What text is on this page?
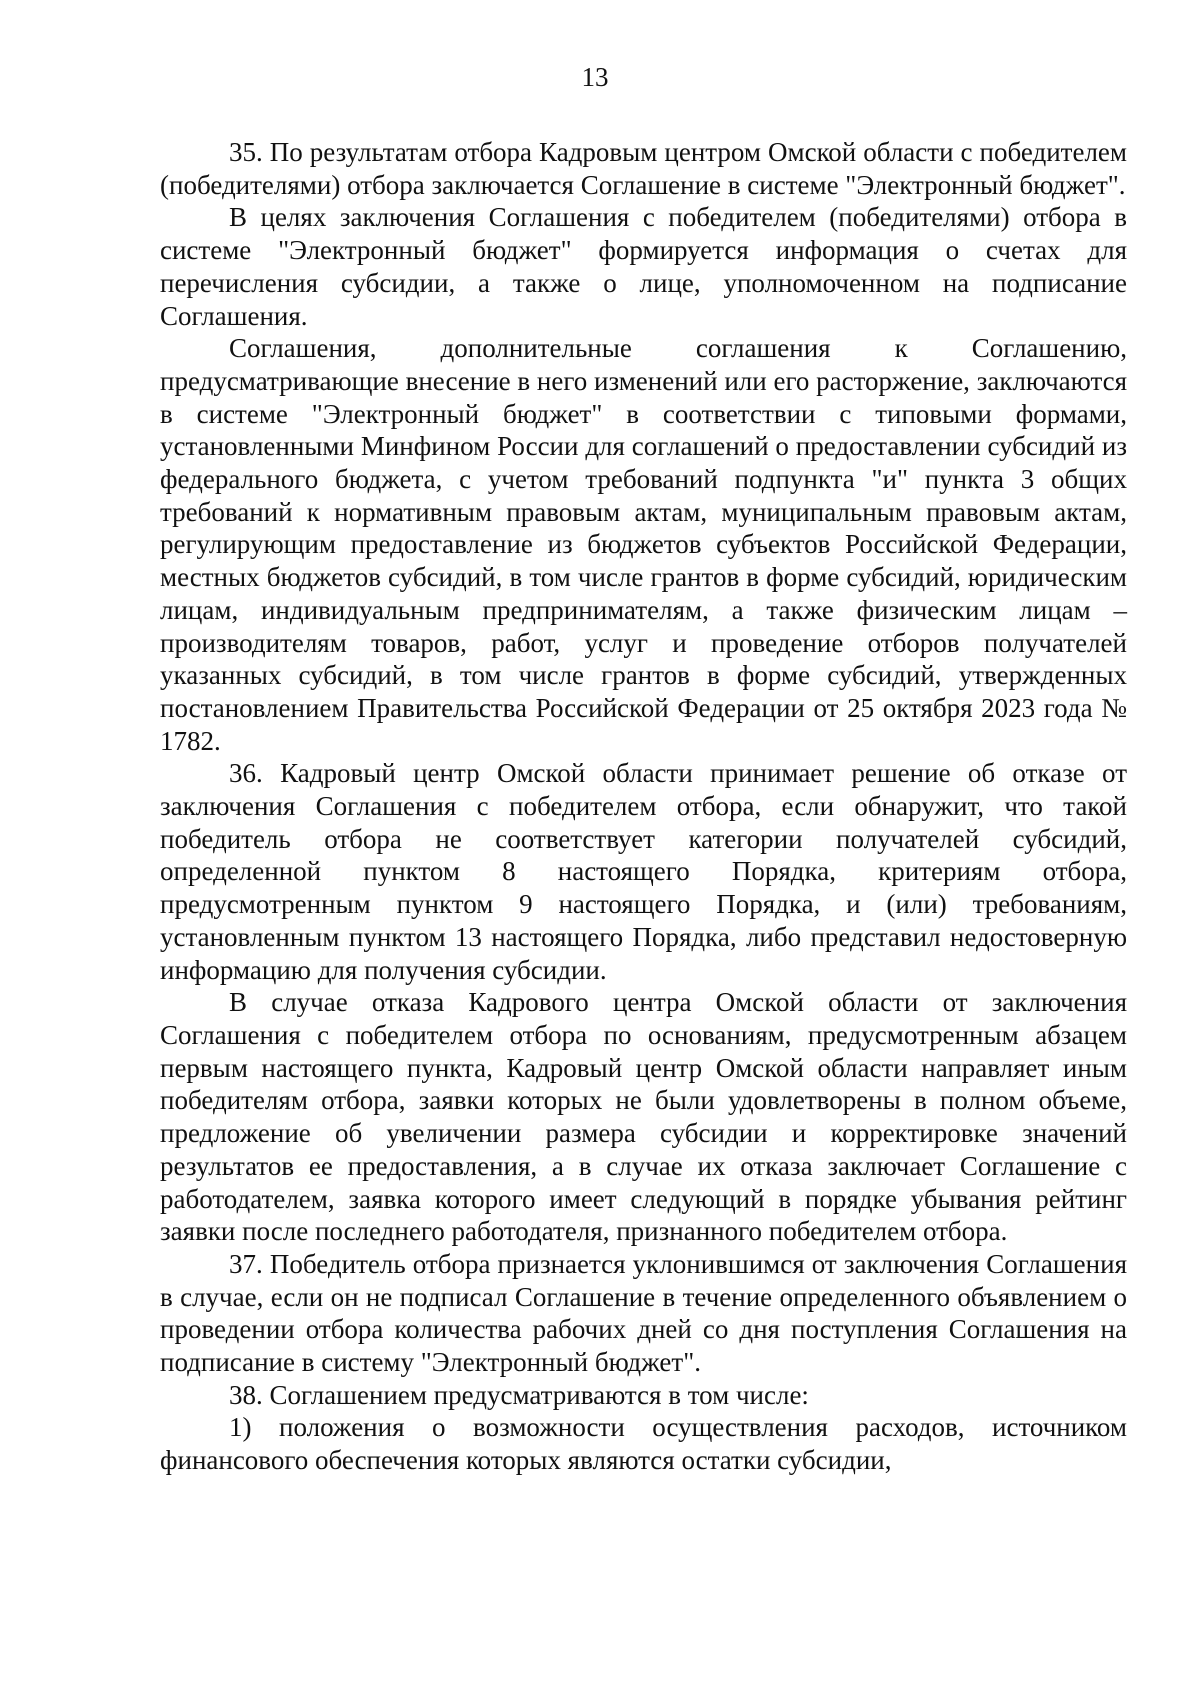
13

35. По результатам отбора Кадровым центром Омской области с победителем (победителями) отбора заключается Соглашение в системе "Электронный бюджет".

В целях заключения Соглашения с победителем (победителями) отбора в системе "Электронный бюджет" формируется информация о счетах для перечисления субсидии, а также о лице, уполномоченном на подписание Соглашения.

Соглашения, дополнительные соглашения к Соглашению, предусматривающие внесение в него изменений или его расторжение, заключаются в системе "Электронный бюджет" в соответствии с типовыми формами, установленными Минфином России для соглашений о предоставлении субсидий из федерального бюджета, с учетом требований подпункта "и" пункта 3 общих требований к нормативным правовым актам, муниципальным правовым актам, регулирующим предоставление из бюджетов субъектов Российской Федерации, местных бюджетов субсидий, в том числе грантов в форме субсидий, юридическим лицам, индивидуальным предпринимателям, а также физическим лицам – производителям товаров, работ, услуг и проведение отборов получателей указанных субсидий, в том числе грантов в форме субсидий, утвержденных постановлением Правительства Российской Федерации от 25 октября 2023 года № 1782.

36. Кадровый центр Омской области принимает решение об отказе от заключения Соглашения с победителем отбора, если обнаружит, что такой победитель отбора не соответствует категории получателей субсидий, определенной пунктом 8 настоящего Порядка, критериям отбора, предусмотренным пунктом 9 настоящего Порядка, и (или) требованиям, установленным пунктом 13 настоящего Порядка, либо представил недостоверную информацию для получения субсидии.

В случае отказа Кадрового центра Омской области от заключения Соглашения с победителем отбора по основаниям, предусмотренным абзацем первым настоящего пункта, Кадровый центр Омской области направляет иным победителям отбора, заявки которых не были удовлетворены в полном объеме, предложение об увеличении размера субсидии и корректировке значений результатов ее предоставления, а в случае их отказа заключает Соглашение с работодателем, заявка которого имеет следующий в порядке убывания рейтинг заявки после последнего работодателя, признанного победителем отбора.

37. Победитель отбора признается уклонившимся от заключения Соглашения в случае, если он не подписал Соглашение в течение определенного объявлением о проведении отбора количества рабочих дней со дня поступления Соглашения на подписание в систему "Электронный бюджет".

38. Соглашением предусматриваются в том числе:

1) положения о возможности осуществления расходов, источником финансового обеспечения которых являются остатки субсидии,
